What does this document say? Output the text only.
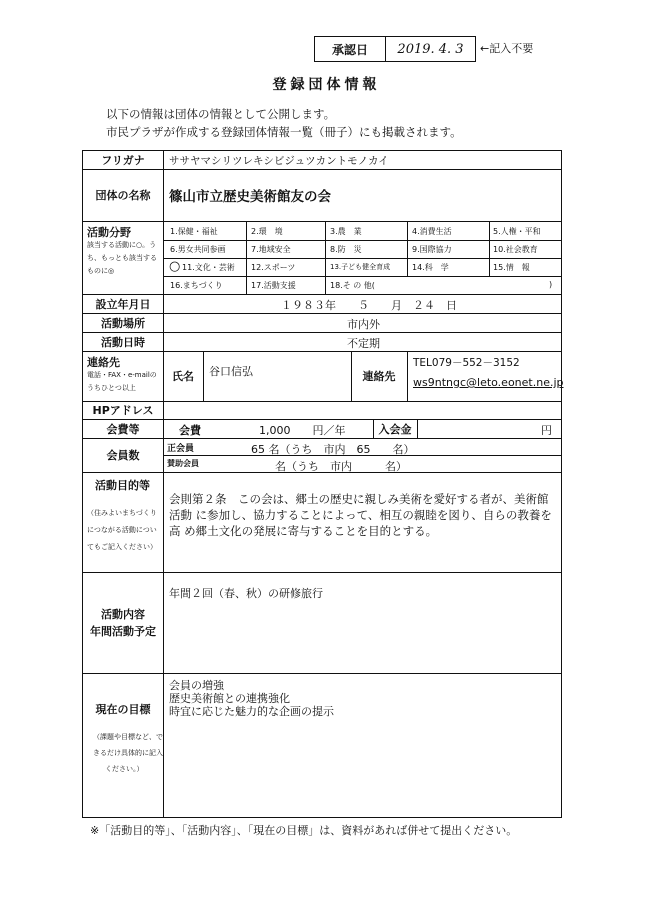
承認日	2019. 4. 3	←記入不要
登録団体情報
以下の情報は団体の情報として公開します。
市民プラザが作成する登録団体情報一覧（冊子）にも掲載されます。
フリガナ	ササヤマシリツレキシビジュツカントモノカイ
団体の名称	篠山市立歴史美術館友の会
活動分野
該当する活動に○。う
ち、もっとも該当する
ものに◎
1.保健・福祉	2.環　境	3.農　業	4.消費生活	5.人権・平和
6.男女共同参画	7.地域安全	8.防　災	9.国際協力	10.社会教育
○ 11.文化・芸術 12.スポーツ	13.子ども健全育成	14.科　学	15.情　報
16.まちづくり	17.活動支援	18.そ の 他(	)
設立年月日	１９８３年　　５　　月　２４　日
活動場所	市内外
活動日時	不定期
連絡先
電話・FAX・e-mailの
うちひとつ以上
氏名	谷口信弘	連絡先
TEL079－552－3152
ws9ntngc@leto.eonet.ne.jp
HPアドレス
会費等	会費	1,000　　円／年	入会金	円
会員数	正会員	65 名（うち　市内　65　　名）
賛助会員	名（うち　市内　　　名）
活動目的等
（住みよいまちづくり
につながる活動につい
てもご記入ください）
会則第２条　この会は、郷土の歴史に親しみ美術を愛好する者が、美術館
活動 に参加し、協力することによって、相互の親睦を図り、自らの教養を
高 め郷土文化の発展に寄与することを目的とする。
活動内容
年間活動予定
年間２回（春、秋）の研修旅行
現在の目標
（課題や目標など、で
きるだけ具体的に記入
ください。）
会員の増強
歴史美術館との連携強化
時宜に応じた魅力的な企画の提示
※「活動目的等」、「活動内容」、「現在の目標」は、資料があれば併せて提出ください。
